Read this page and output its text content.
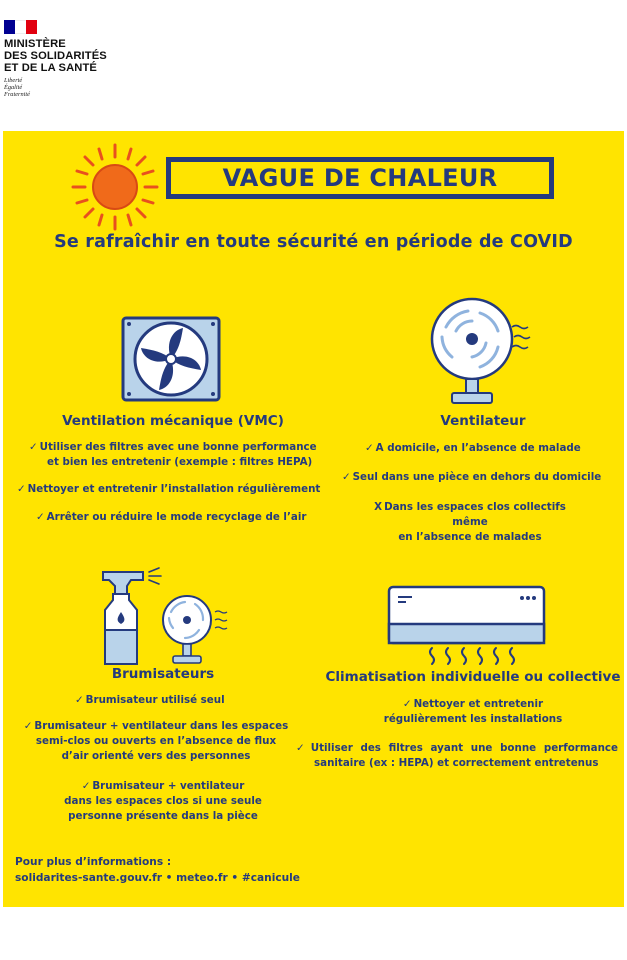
MINISTÈRE
DES SOLIDARITÉS
ET DE LA SANTÉ
Liberté
Égalité
Fraternité
VAGUE DE CHALEUR
Se rafraîchir en toute sécurité en période de COVID
Ventilation mécanique (VMC)	Ventilateur
Brumisateurs	Climatisation individuelle ou collective
✓ Utiliser des filtres avec une bonne performance
et bien les entretenir (exemple : filtres HEPA)
✓ Nettoyer et entretenir l’installation régulièrement
✓ Arrêter ou réduire le mode recyclage de l’air
✓ A domicile, en l’absence de malade
✓ Seul dans une pièce en dehors du domicile
X Dans les espaces clos collectifs même
en l’absence de malades
✓ Brumisateur utilisé seul
✓ Brumisateur + ventilateur dans les espaces
semi-clos ou ouverts en l’absence de flux
d’air orienté vers des personnes
✓ Brumisateur + ventilateur
dans les espaces clos si une seule
personne présente dans la pièce
✓ Nettoyer et entretenir
régulièrement les installations
✓ Utiliser des filtres ayant une bonne performance
sanitaire (ex : HEPA) et correctement entretenus
Pour plus d’informations :
solidarites-sante.gouv.fr • meteo.fr • #canicule
